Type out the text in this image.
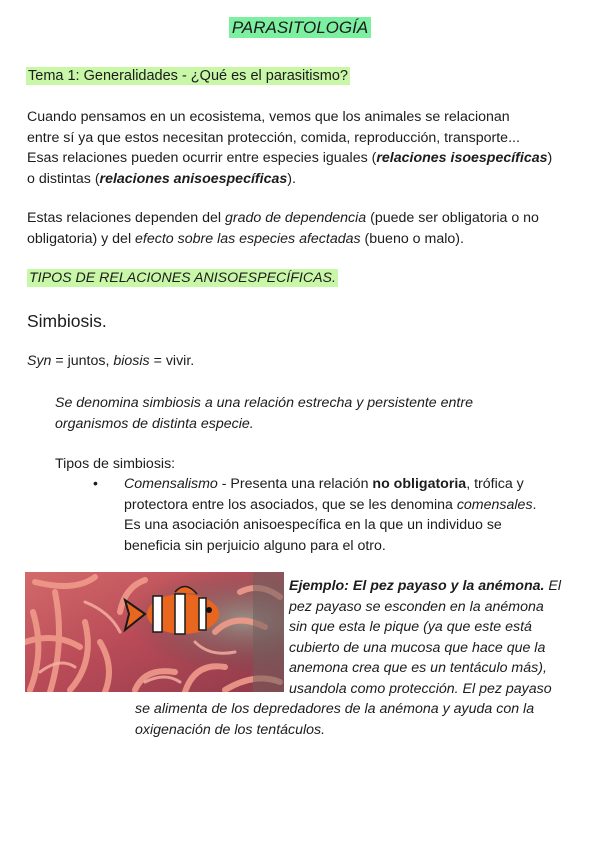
PARASITOLOGÍA
Tema 1: Generalidades - ¿Qué es el parasitismo?
Cuando pensamos en un ecosistema, vemos que los animales se relacionan
entre sí ya que estos necesitan protección, comida, reproducción, transporte...
Esas relaciones pueden ocurrir entre especies iguales (relaciones isoespecíficas)
o distintas (relaciones anisoespecíficas).
Estas relaciones dependen del grado de dependencia (puede ser obligatoria o no
obligatoria) y del efecto sobre las especies afectadas (bueno o malo).
TIPOS DE RELACIONES ANISOESPECÍFICAS.
Simbiosis.
Syn = juntos, biosis = vivir.
Se denomina simbiosis a una relación estrecha y persistente entre
organismos de distinta especie.
Tipos de simbiosis:
• Comensalismo - Presenta una relación no obligatoria, trófica y
protectora entre los asociados, que se les denomina comensales.
Es una asociación anisoespecífica en la que un individuo se
beneficia sin perjuicio alguno para el otro.
Ejemplo: El pez payaso y la anémona. El
pez payaso se esconden en la anémona
sin que esta le pique (ya que este está
cubierto de una mucosa que hace que la
anemona crea que es un tentáculo más),
usandola como protección. El pez payaso
se alimenta de los depredadores de la anémona y ayuda con la
oxigenación de los tentáculos.
